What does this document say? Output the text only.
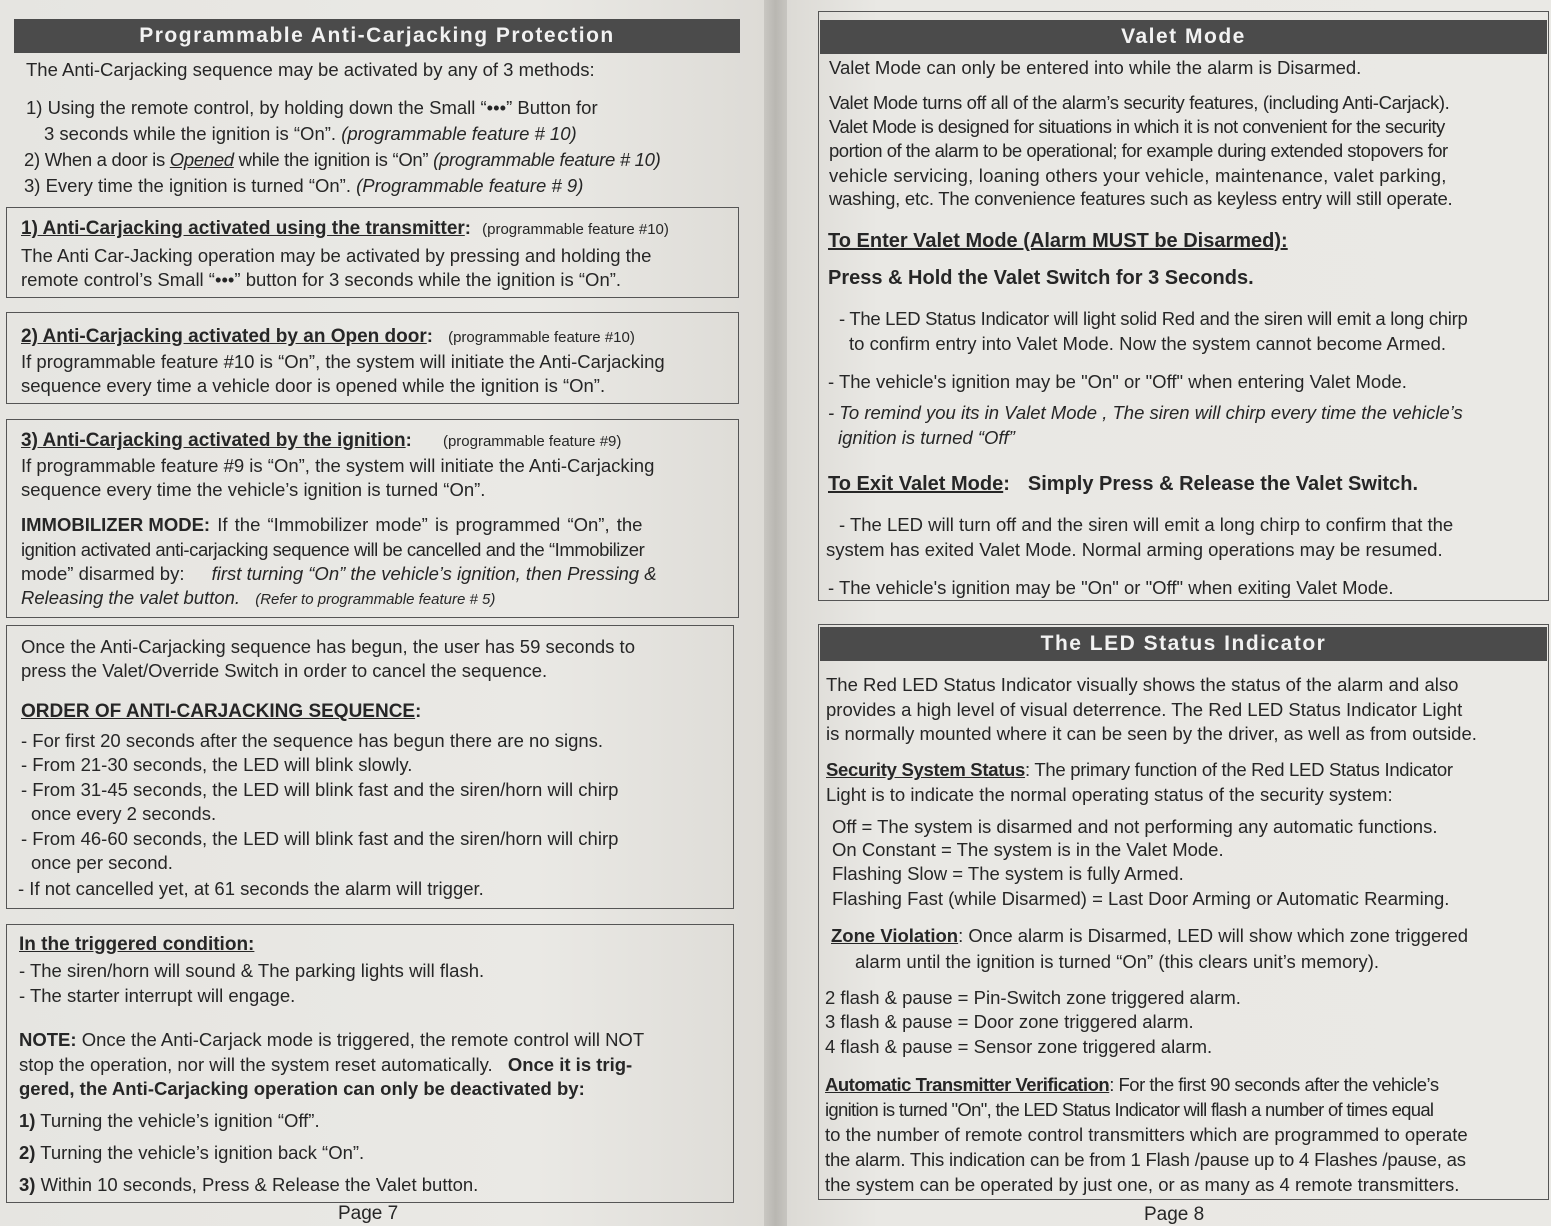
Programmable Anti-Carjacking Protection
The Anti-Carjacking sequence may be activated by any of 3 methods:
1) Using the remote control, by holding down the Small “•••” Button for
3 seconds while the ignition is “On”. (programmable feature # 10)
2) When a door is Opened while the ignition is “On” (programmable feature # 10)
3) Every time the ignition is turned “On”. (Programmable feature # 9)
1) Anti-Carjacking activated using the transmitter: (programmable feature #10)
The Anti Car-Jacking operation may be activated by pressing and holding the
remote control’s Small “•••” button for 3 seconds while the ignition is “On”.
2) Anti-Carjacking activated by an Open door: (programmable feature #10)
If programmable feature #10 is “On”, the system will initiate the Anti-Carjacking
sequence every time a vehicle door is opened while the ignition is “On”.
3) Anti-Carjacking activated by the ignition: (programmable feature #9)
If programmable feature #9 is “On”, the system will initiate the Anti-Carjacking
sequence every time the vehicle’s ignition is turned “On”.
IMMOBILIZER MODE: If the “Immobilizer mode” is programmed “On”, the
ignition activated anti-carjacking sequence will be cancelled and the “Immobilizer
mode” disarmed by: first turning “On” the vehicle’s ignition, then Pressing &
Releasing the valet button. (Refer to programmable feature # 5)
Once the Anti-Carjacking sequence has begun, the user has 59 seconds to
press the Valet/Override Switch in order to cancel the sequence.
ORDER OF ANTI-CARJACKING SEQUENCE:
- For first 20 seconds after the sequence has begun there are no signs.
- From 21-30 seconds, the LED will blink slowly.
- From 31-45 seconds, the LED will blink fast and the siren/horn will chirp
once every 2 seconds.
- From 46-60 seconds, the LED will blink fast and the siren/horn will chirp
once per second.
- If not cancelled yet, at 61 seconds the alarm will trigger.
In the triggered condition:
- The siren/horn will sound & The parking lights will flash.
- The starter interrupt will engage.
NOTE: Once the Anti-Carjack mode is triggered, the remote control will NOT
stop the operation, nor will the system reset automatically. Once it is trig-
gered, the Anti-Carjacking operation can only be deactivated by:
1) Turning the vehicle’s ignition “Off”.
2) Turning the vehicle’s ignition back “On”.
3) Within 10 seconds, Press & Release the Valet button.
Page 7
Valet Mode
Valet Mode can only be entered into while the alarm is Disarmed.
Valet Mode turns off all of the alarm’s security features, (including Anti-Carjack).
Valet Mode is designed for situations in which it is not convenient for the security
portion of the alarm to be operational; for example during extended stopovers for
vehicle servicing, loaning others your vehicle, maintenance, valet parking,
washing, etc. The convenience features such as keyless entry will still operate.
To Enter Valet Mode (Alarm MUST be Disarmed):
Press & Hold the Valet Switch for 3 Seconds.
- The LED Status Indicator will light solid Red and the siren will emit a long chirp
to confirm entry into Valet Mode. Now the system cannot become Armed.
- The vehicle's ignition may be "On" or "Off" when entering Valet Mode.
- To remind you its in Valet Mode , The siren will chirp every time the vehicle’s
ignition is turned “Off”
To Exit Valet Mode: Simply Press & Release the Valet Switch.
- The LED will turn off and the siren will emit a long chirp to confirm that the
system has exited Valet Mode. Normal arming operations may be resumed.
- The vehicle's ignition may be "On" or "Off" when exiting Valet Mode.
The LED Status Indicator
The Red LED Status Indicator visually shows the status of the alarm and also
provides a high level of visual deterrence. The Red LED Status Indicator Light
is normally mounted where it can be seen by the driver, as well as from outside.
Security System Status: The primary function of the Red LED Status Indicator
Light is to indicate the normal operating status of the security system:
Off = The system is disarmed and not performing any automatic functions.
On Constant = The system is in the Valet Mode.
Flashing Slow = The system is fully Armed.
Flashing Fast (while Disarmed) = Last Door Arming or Automatic Rearming.
Zone Violation: Once alarm is Disarmed, LED will show which zone triggered
alarm until the ignition is turned “On” (this clears unit’s memory).
2 flash & pause = Pin-Switch zone triggered alarm.
3 flash & pause = Door zone triggered alarm.
4 flash & pause = Sensor zone triggered alarm.
Automatic Transmitter Verification: For the first 90 seconds after the vehicle’s
ignition is turned "On", the LED Status Indicator will flash a number of times equal
to the number of remote control transmitters which are programmed to operate
the alarm. This indication can be from 1 Flash /pause up to 4 Flashes /pause, as
the system can be operated by just one, or as many as 4 remote transmitters.
Page 8
